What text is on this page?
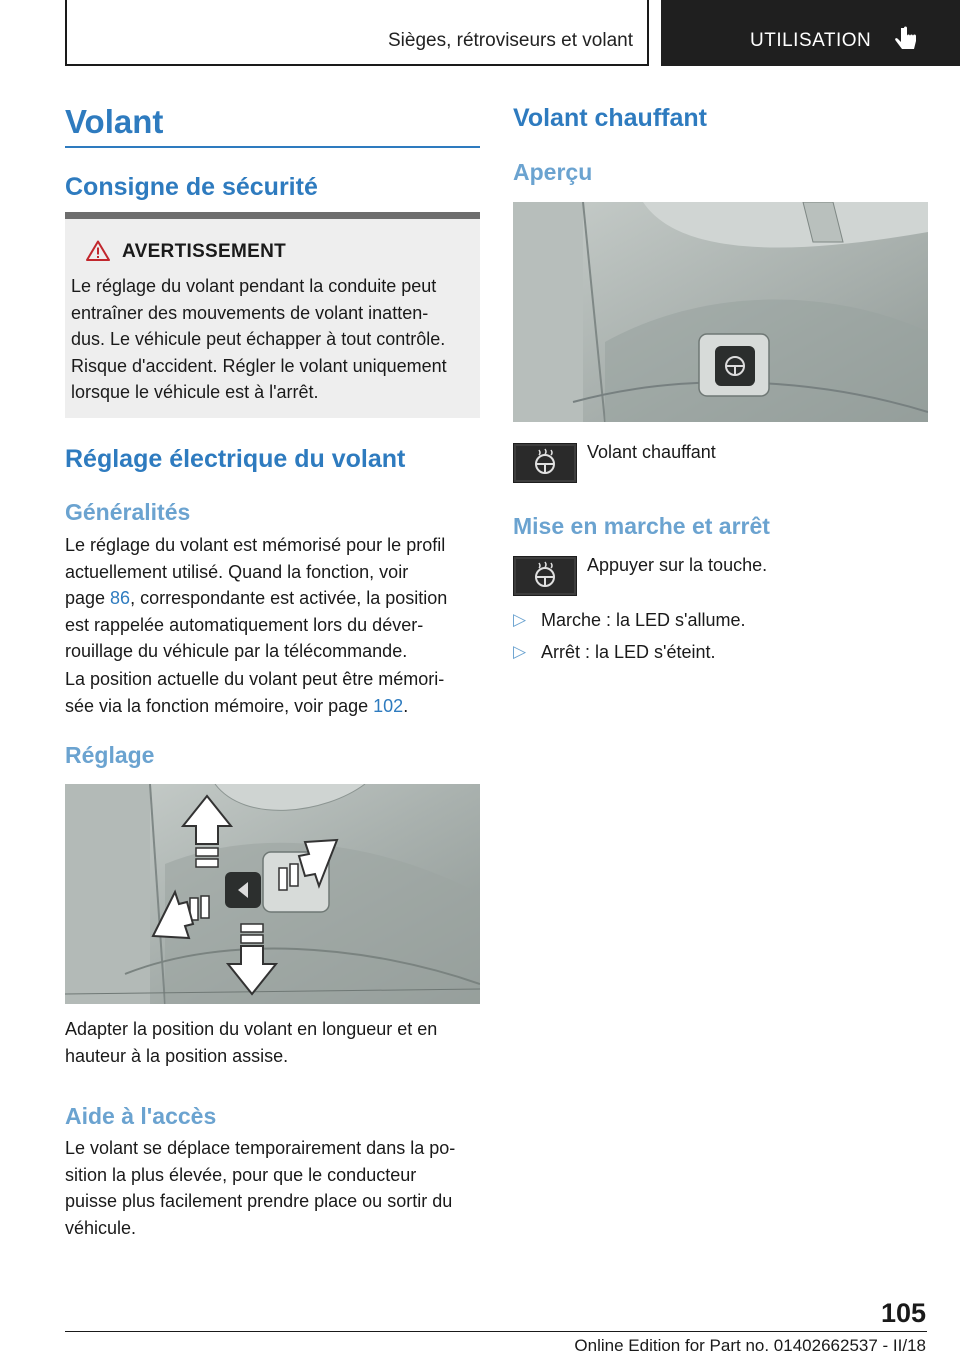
Sièges, rétroviseurs et volant	UTILISATION
Volant
Consigne de sécurité
AVERTISSEMENT
Le réglage du volant pendant la conduite peut
entraîner des mouvements de volant inatten-
dus. Le véhicule peut échapper à tout contrôle.
Risque d'accident. Régler le volant uniquement
lorsque le véhicule est à l'arrêt.
Réglage électrique du volant
Généralités
Le réglage du volant est mémorisé pour le profil
actuellement utilisé. Quand la fonction, voir
page 86, correspondante est activée, la position
est rappelée automatiquement lors du déver-
rouillage du véhicule par la télécommande.
La position actuelle du volant peut être mémori-
sée via la fonction mémoire, voir page 102.
Réglage
Adapter la position du volant en longueur et en
hauteur à la position assise.
Aide à l'accès
Le volant se déplace temporairement dans la po-
sition la plus élevée, pour que le conducteur
puisse plus facilement prendre place ou sortir du
véhicule.
Volant chauffant
Aperçu
Volant chauffant
Mise en marche et arrêt
Appuyer sur la touche.
▷ Marche : la LED s'allume.
▷ Arrêt : la LED s'éteint.
105
Online Edition for Part no. 01402662537 - II/18
